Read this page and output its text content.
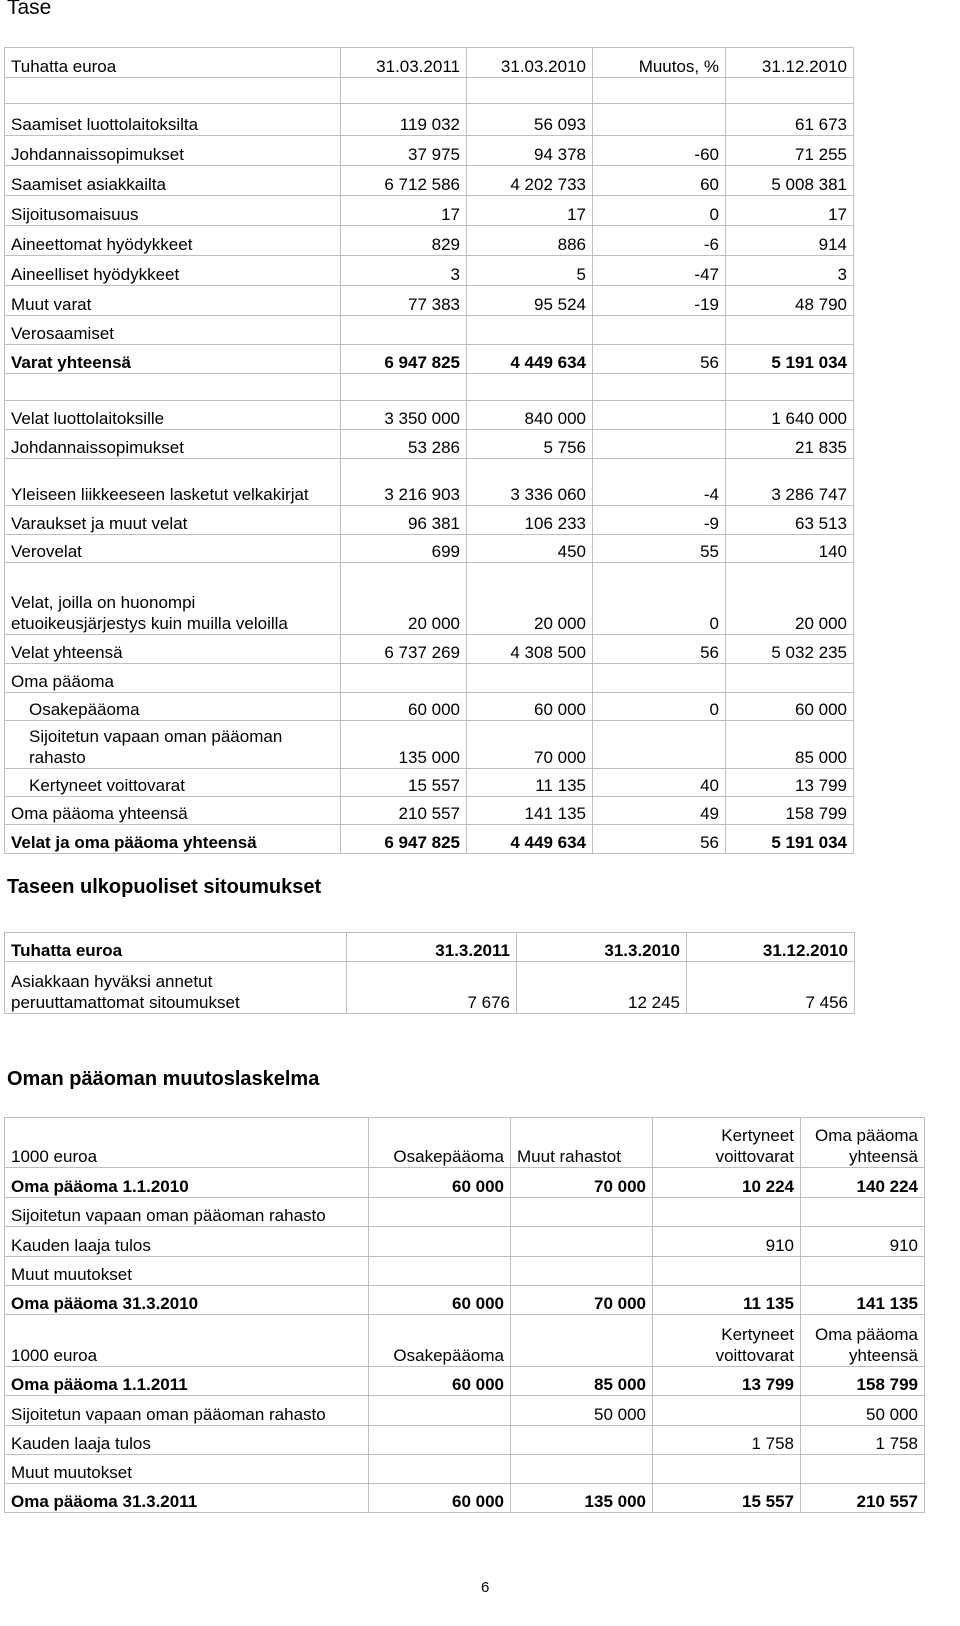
Tase
Tuhatta euroa	31.03.2011	31.03.2010	Muutos, %	31.12.2010

Saamiset luottolaitoksilta	119 032	56 093		61 673
Johdannaissopimukset	37 975	94 378	-60	71 255
Saamiset asiakkailta	6 712 586	4 202 733	60	5 008 381
Sijoitusomaisuus	17	17	0	17
Aineettomat hyödykkeet	829	886	-6	914
Aineelliset hyödykkeet	3	5	-47	3
Muut varat	77 383	95 524	-19	48 790
Verosaamiset				
Varat yhteensä	6 947 825	4 449 634	56	5 191 034

Velat luottolaitoksille	3 350 000	840 000		1 640 000
Johdannaissopimukset	53 286	5 756		21 835
Yleiseen liikkeeseen lasketut velkakirjat	3 216 903	3 336 060	-4	3 286 747
Varaukset ja muut velat	96 381	106 233	-9	63 513
Verovelat	699	450	55	140
Velat, joilla on huonompi etuoikeusjärjestys kuin muilla veloilla	20 000	20 000	0	20 000
Velat yhteensä	6 737 269	4 308 500	56	5 032 235
Oma pääoma				
Osakepääoma	60 000	60 000	0	60 000
Sijoitetun vapaan oman pääoman rahasto	135 000	70 000		85 000
Kertyneet voittovarat	15 557	11 135	40	13 799
Oma pääoma yhteensä	210 557	141 135	49	158 799
Velat ja oma pääoma yhteensä	6 947 825	4 449 634	56	5 191 034
Taseen ulkopuoliset sitoumukset
Tuhatta euroa	31.3.2011	31.3.2010	31.12.2010
Asiakkaan hyväksi annetut peruuttamattomat sitoumukset	7 676	12 245	7 456
Oman pääoman muutoslaskelma
1000 euroa	Osakepääoma	Muut rahastot	Kertyneet voittovarat	Oma pääoma yhteensä
Oma pääoma 1.1.2010	60 000	70 000	10 224	140 224
Sijoitetun vapaan oman pääoman rahasto				
Kauden laaja tulos			910	910
Muut muutokset				
Oma pääoma 31.3.2010	60 000	70 000	11 135	141 135
1000 euroa	Osakepääoma		Kertyneet voittovarat	Oma pääoma yhteensä
Oma pääoma 1.1.2011	60 000	85 000	13 799	158 799
Sijoitetun vapaan oman pääoman rahasto		50 000		50 000
Kauden laaja tulos			1 758	1 758
Muut muutokset				
Oma pääoma 31.3.2011	60 000	135 000	15 557	210 557
6
